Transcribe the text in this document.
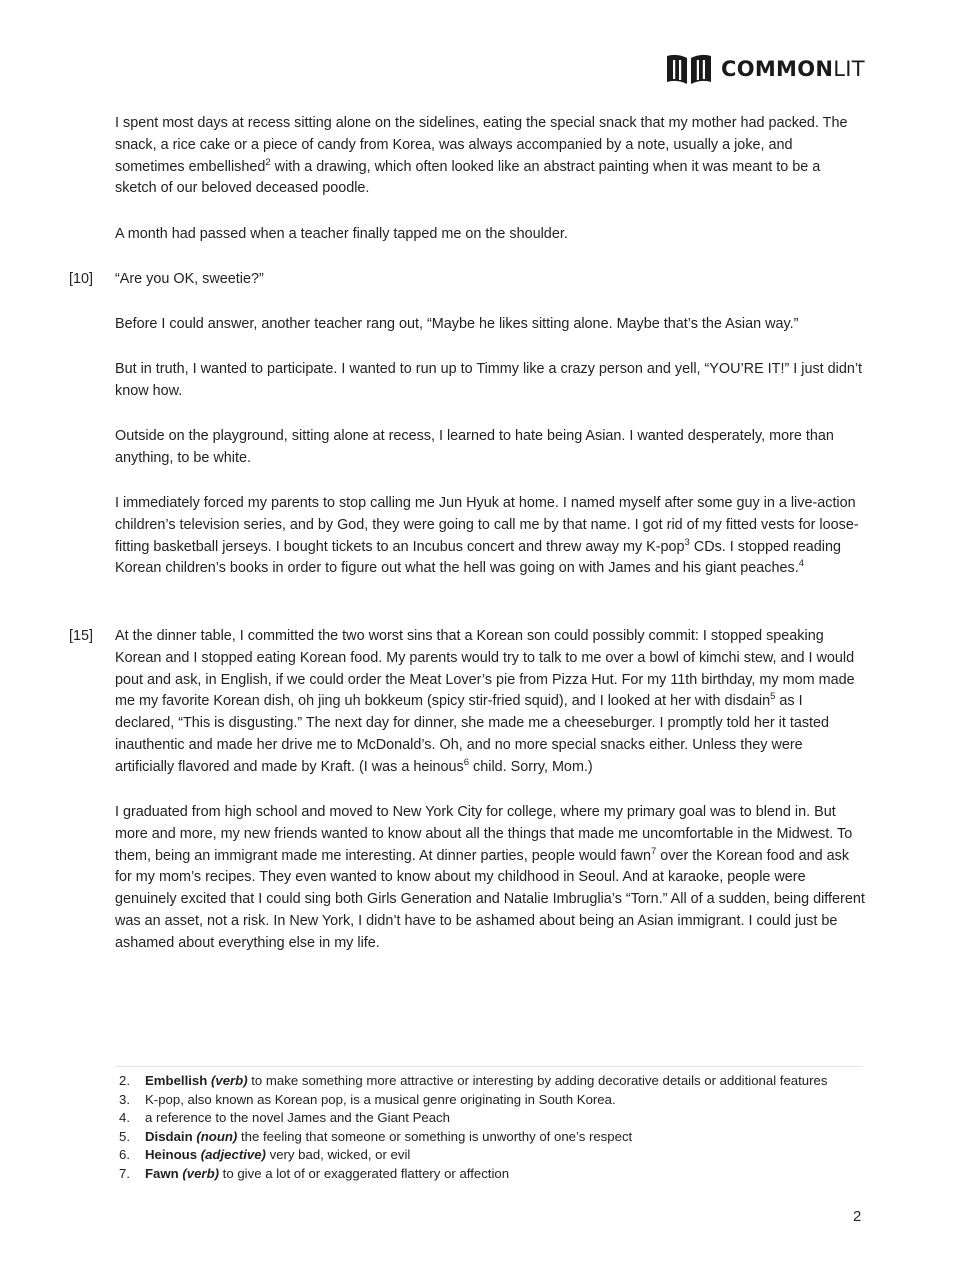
COMMONLIT

I spent most days at recess sitting alone on the sidelines, eating the special snack that my mother had packed. The snack, a rice cake or a piece of candy from Korea, was always accompanied by a note, usually a joke, and sometimes embellished$^2$ with a drawing, which often looked like an abstract painting when it was meant to be a sketch of our beloved deceased poodle.

A month had passed when a teacher finally tapped me on the shoulder.

“Are you OK, sweetie?”

[10]

Before I could answer, another teacher rang out, “Maybe he likes sitting alone. Maybe that’s the Asian way.”

But in truth, I wanted to participate. I wanted to run up to Timmy like a crazy person and yell, “YOU’RE IT!” I just didn’t know how.

Outside on the playground, sitting alone at recess, I learned to hate being Asian. I wanted desperately, more than anything, to be white.

I immediately forced my parents to stop calling me Jun Hyuk at home. I named myself after some guy in a live-action children’s television series, and by God, they were going to call me by that name. I got rid of my fitted vests for loose-fitting basketball jerseys. I bought tickets to an Incubus concert and threw away my K-pop$^3$ CDs. I stopped reading Korean children’s books in order to figure out what the hell was going on with James and his giant peaches.$^4$

At the dinner table, I committed the two worst sins that a Korean son could possibly commit: I stopped speaking Korean and I stopped eating Korean food. My parents would try to talk to me over a bowl of kimchi stew, and I would pout and ask, in English, if we could order the Meat Lover’s pie from Pizza Hut. For my 11th birthday, my mom made me my favorite Korean dish, oh jing uh bokkeum (spicy stir-fried squid), and I looked at her with disdain$^5$ as I declared, “This is disgusting.” The next day for dinner, she made me a cheeseburger. I promptly told her it tasted inauthentic and made her drive me to McDonald’s. Oh, and no more special snacks either. Unless they were artificially flavored and made by Kraft. (I was a heinous$^6$ child. Sorry, Mom.)

[15]

I graduated from high school and moved to New York City for college, where my primary goal was to blend in. But more and more, my new friends wanted to know about all the things that made me uncomfortable in the Midwest. To them, being an immigrant made me interesting. At dinner parties, people would fawn$^7$ over the Korean food and ask for my mom’s recipes. They even wanted to know about my childhood in Seoul. And at karaoke, people were genuinely excited that I could sing both Girls Generation and Natalie Imbruglia’s “Torn.” All of a sudden, being different was an asset, not a risk. In New York, I didn’t have to be ashamed about being an Asian immigrant. I could just be ashamed about everything else in my life.

2. Embellish (verb) to make something more attractive or interesting by adding decorative details or additional features
3. K-pop, also known as Korean pop, is a musical genre originating in South Korea.
4. a reference to the novel James and the Giant Peach
5. Disdain (noun) the feeling that someone or something is unworthy of one’s respect
6. Heinous (adjective) very bad, wicked, or evil
7. Fawn (verb) to give a lot of or exaggerated flattery or affection
2
